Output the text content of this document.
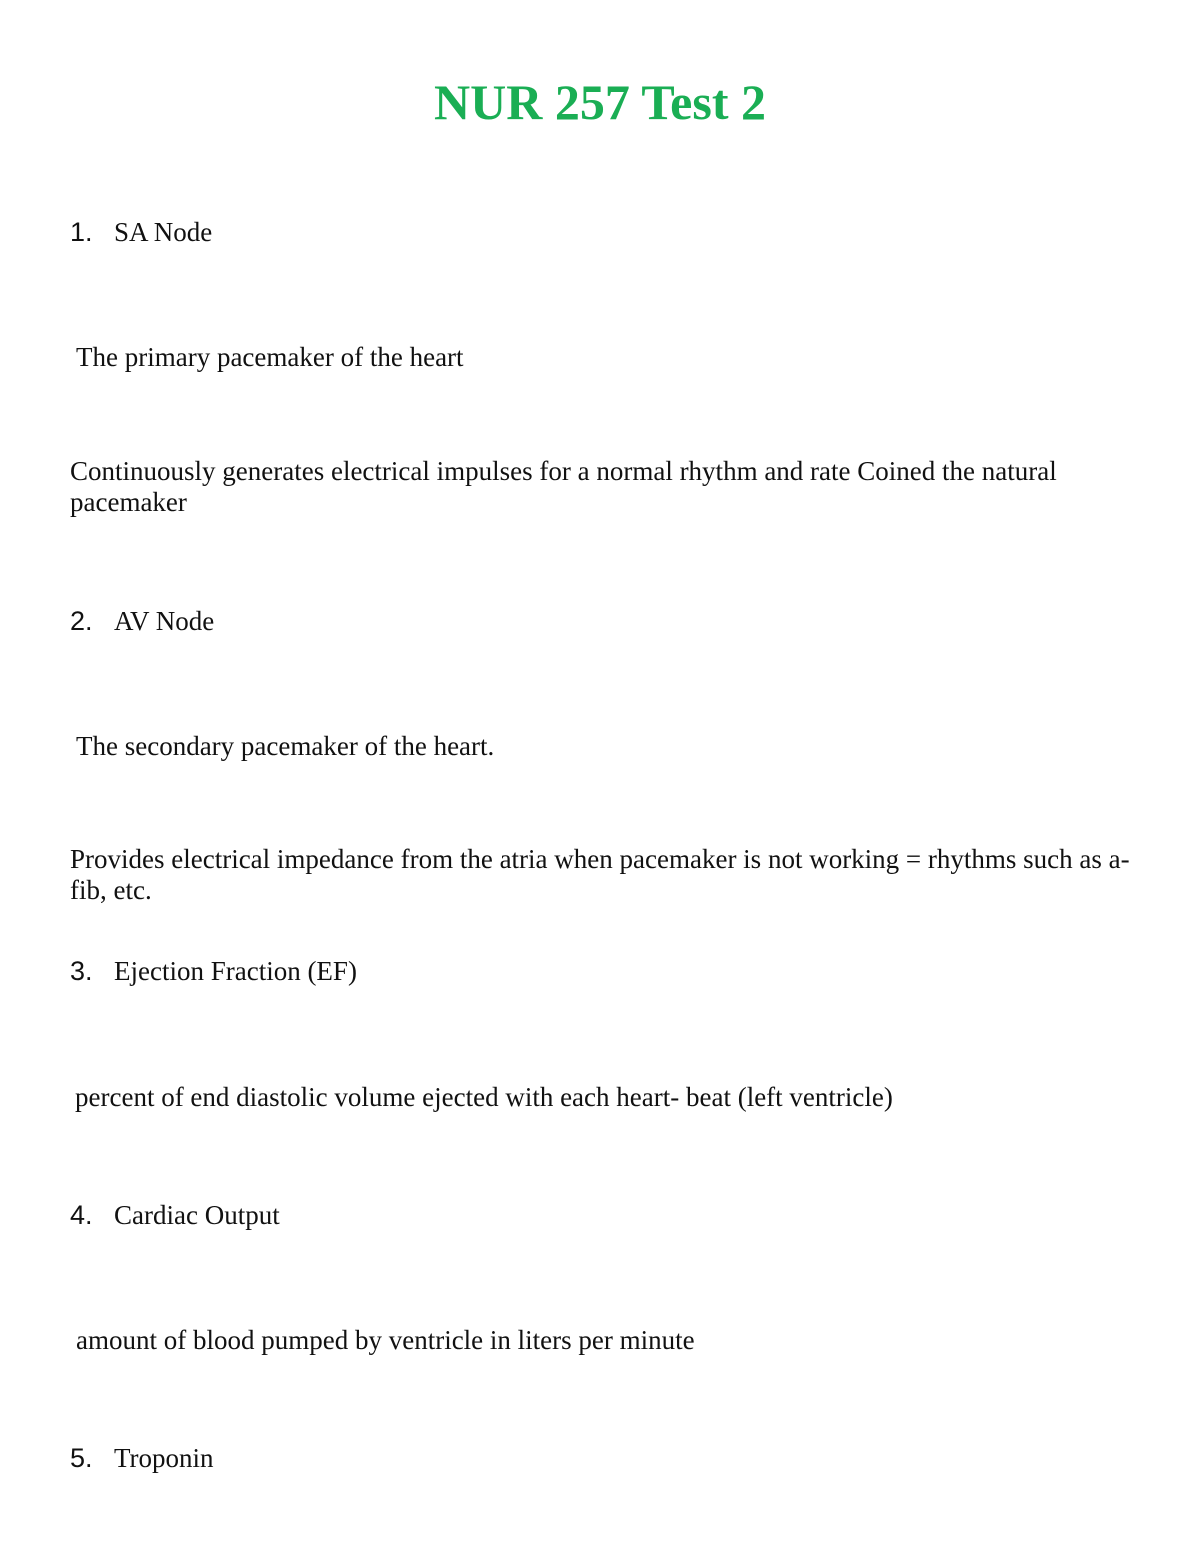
NUR 257 Test 2
1. SA Node
The primary pacemaker of the heart
Continuously generates electrical impulses for a normal rhythm and rate Coined the natural pacemaker
2. AV Node
The secondary pacemaker of the heart.
Provides electrical impedance from the atria when pacemaker is not working = rhythms such as a-fib, etc.
3. Ejection Fraction (EF)
percent of end diastolic volume ejected with each heart- beat (left ventricle)
4. Cardiac Output
amount of blood pumped by ventricle in liters per minute
5. Troponin
